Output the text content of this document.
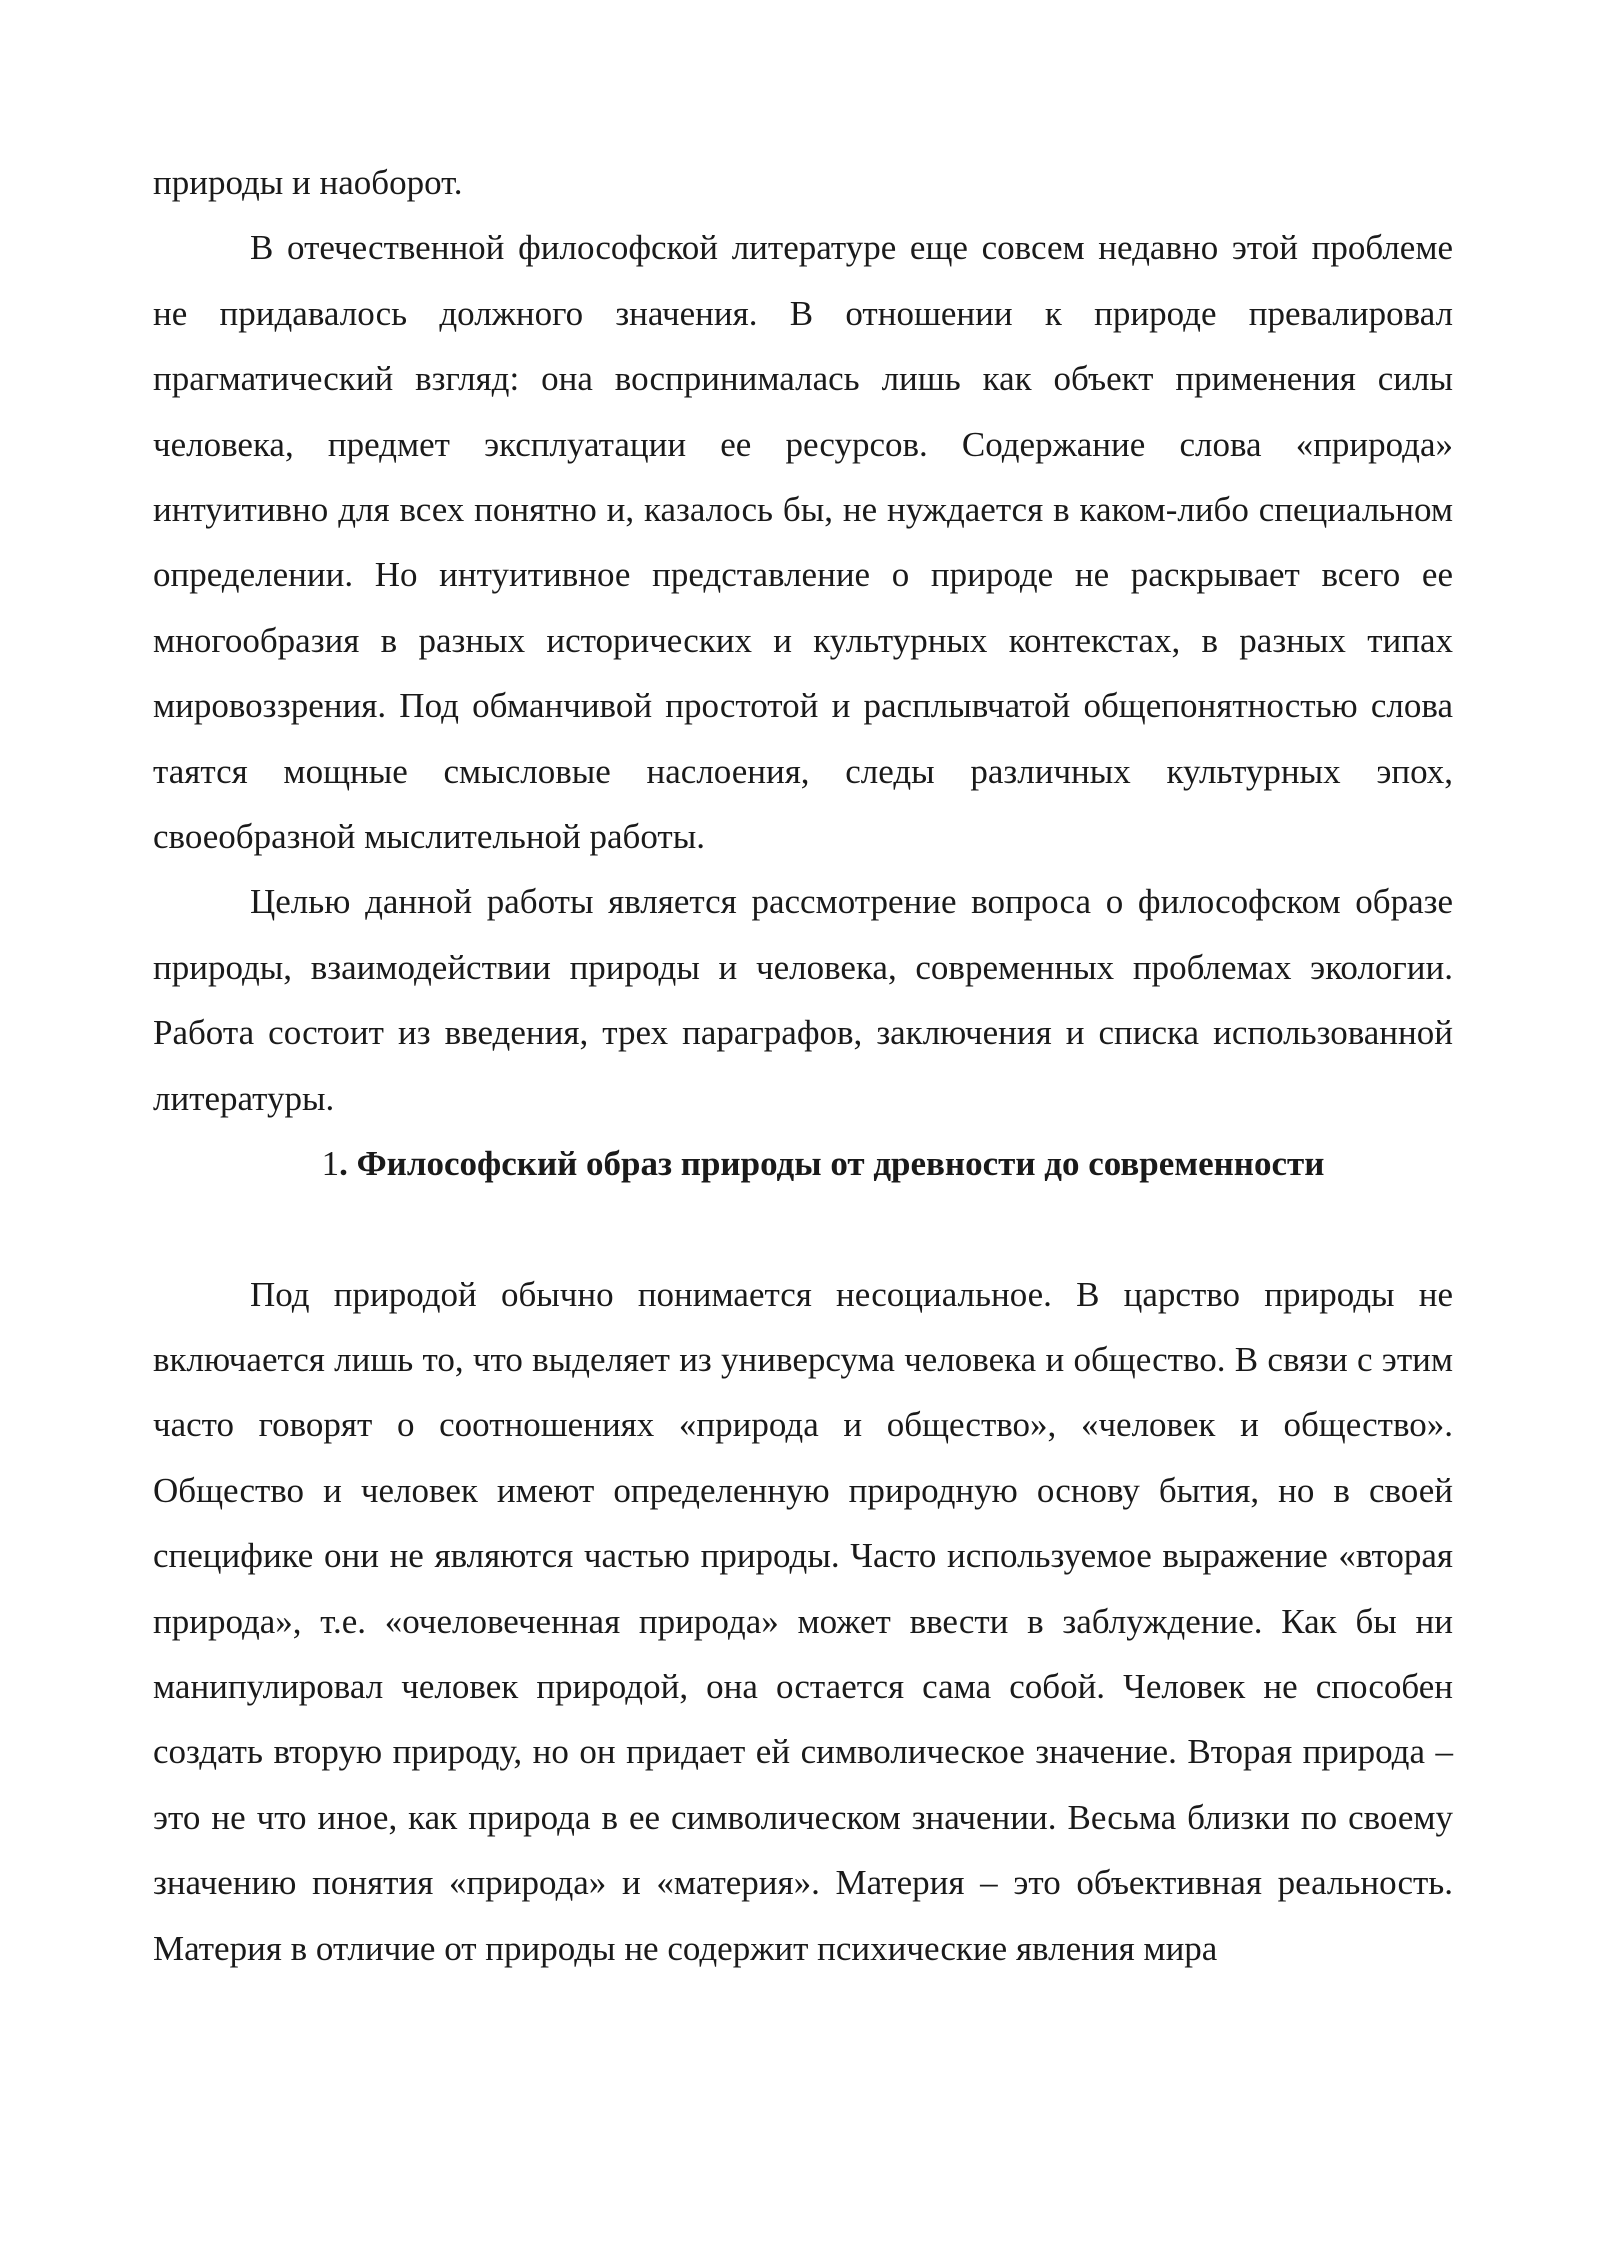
природы и наоборот.

В отечественной философской литературе еще совсем недавно этой проблеме не придавалось должного значения. В отношении к природе превалировал прагматический взгляд: она воспринималась лишь как объект применения силы человека, предмет эксплуатации ее ресурсов. Содержание слова «природа» интуитивно для всех понятно и, казалось бы, не нуждается в каком-либо специальном определении. Но интуитивное представление о природе не раскрывает всего ее многообразия в разных исторических и культурных контекстах, в разных типах мировоззрения. Под обманчивой простотой и расплывчатой общепонятностью слова таятся мощные смысловые наслоения, следы различных культурных эпох, своеобразной мыслительной работы.

Целью данной работы является рассмотрение вопроса о философском образе природы, взаимодействии природы и человека, современных проблемах экологии. Работа состоит из введения, трех параграфов, заключения и списка использованной литературы.

1. Философский образ природы от древности до современности

Под природой обычно понимается несоциальное. В царство природы не включается лишь то, что выделяет из универсума человека и общество. В связи с этим часто говорят о соотношениях «природа и общество», «человек и общество». Общество и человек имеют определенную природную основу бытия, но в своей специфике они не являются частью природы. Часто используемое выражение «вторая природа», т.е. «очеловеченная природа» может ввести в заблуждение. Как бы ни манипулировал человек природой, она остается сама собой. Человек не способен создать вторую природу, но он придает ей символическое значение. Вторая природа – это не что иное, как природа в ее символическом значении. Весьма близки по своему значению понятия «природа» и «материя». Материя – это объективная реальность. Материя в отличие от природы не содержит психические явления мира
